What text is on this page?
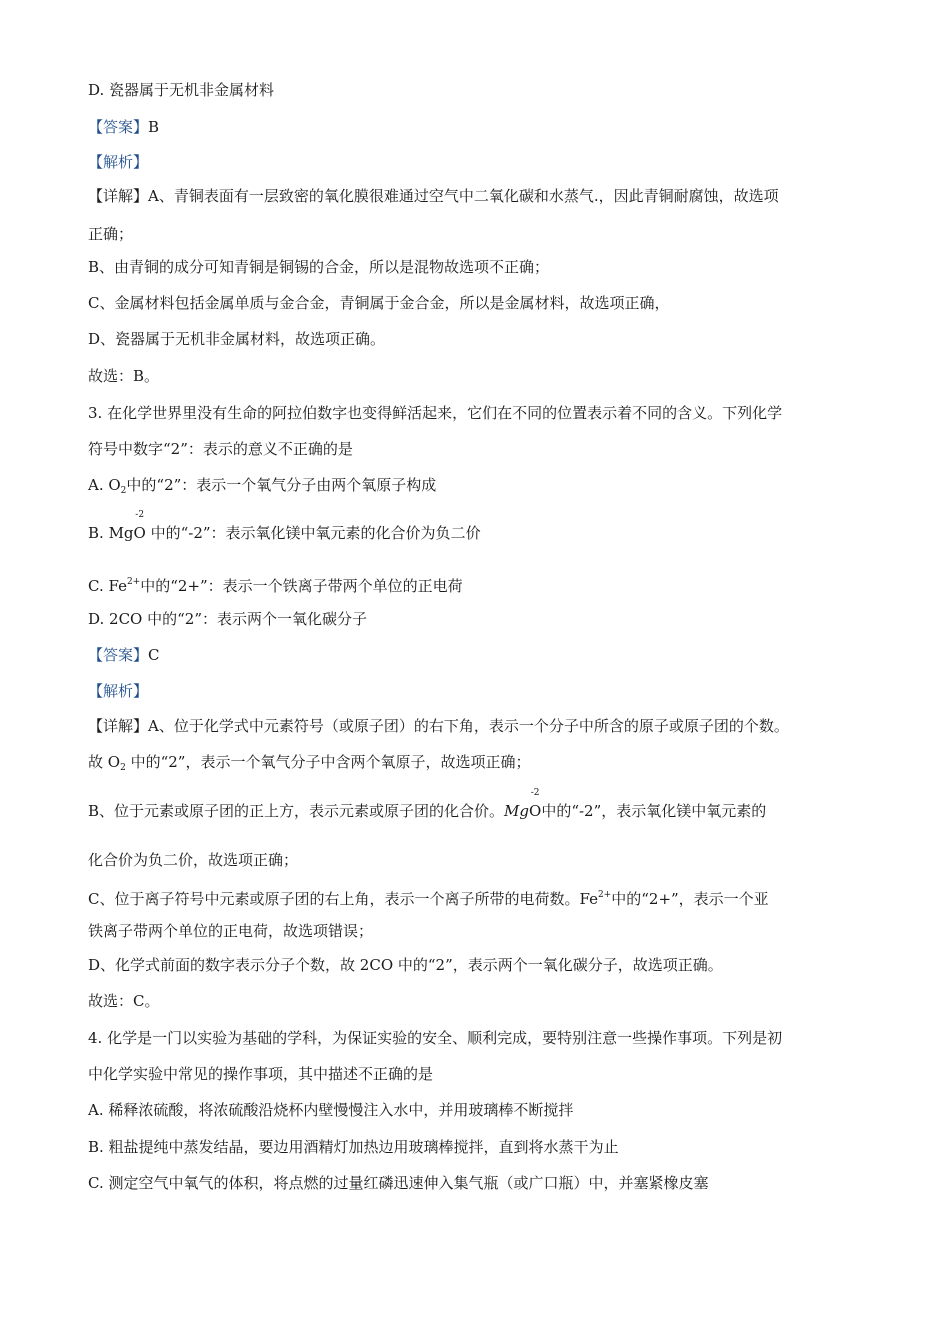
D. 瓷器属于无机非金属材料
【答案】B
【解析】
【详解】A、青铜表面有一层致密的氧化膜很难通过空气中二氧化碳和水蒸气.，因此青铜耐腐蚀，故选项
正确；
B、由青铜的成分可知青铜是铜锡的合金，所以是混物故选项不正确；
C、金属材料包括金属单质与金合金，青铜属于金合金，所以是金属材料，故选项正确，
D、瓷器属于无机非金属材料，故选项正确。
故选：B。
3. 在化学世界里没有生命的阿拉伯数字也变得鲜活起来，它们在不同的位置表示着不同的含义。下列化学
符号中数字“2”：表示的意义不正确的是
A. $O_2$中的“2”：表示一个氧气分子由两个氧原子构成
B. Mg
-2
O 中的“-2”：表示氧化镁中氧元素的化合价为负二价
C. $Fe^{2+}$中的“2+”：表示一个铁离子带两个单位的正电荷
D. 2CO 中的“2”：表示两个一氧化碳分子
【答案】C
【解析】
【详解】A、位于化学式中元素符号（或原子团）的右下角，表示一个分子中所含的原子或原子团的个数。
故 $O_2$ 中的“2”，表示一个氧气分子中含两个氧原子，故选项正确；
B、位于元素或原子团的正上方，表示元素或原子团的化合价。Mg
-2
O中的“-2”，表示氧化镁中氧元素的
化合价为负二价，故选项正确；
C、位于离子符号中元素或原子团的右上角，表示一个离子所带的电荷数。$Fe^{2+}$中的“2+”，表示一个亚
铁离子带两个单位的正电荷，故选项错误；
D、化学式前面的数字表示分子个数，故 2CO 中的“2”，表示两个一氧化碳分子，故选项正确。
故选：C。
4. 化学是一门以实验为基础的学科，为保证实验的安全、顺利完成，要特别注意一些操作事项。下列是初
中化学实验中常见的操作事项，其中描述不正确的是
A. 稀释浓硫酸，将浓硫酸沿烧杯内壁慢慢注入水中，并用玻璃棒不断搅拌
B. 粗盐提纯中蒸发结晶，要边用酒精灯加热边用玻璃棒搅拌，直到将水蒸干为止
C. 测定空气中氧气的体积，将点燃的过量红磷迅速伸入集气瓶（或广口瓶）中，并塞紧橡皮塞
